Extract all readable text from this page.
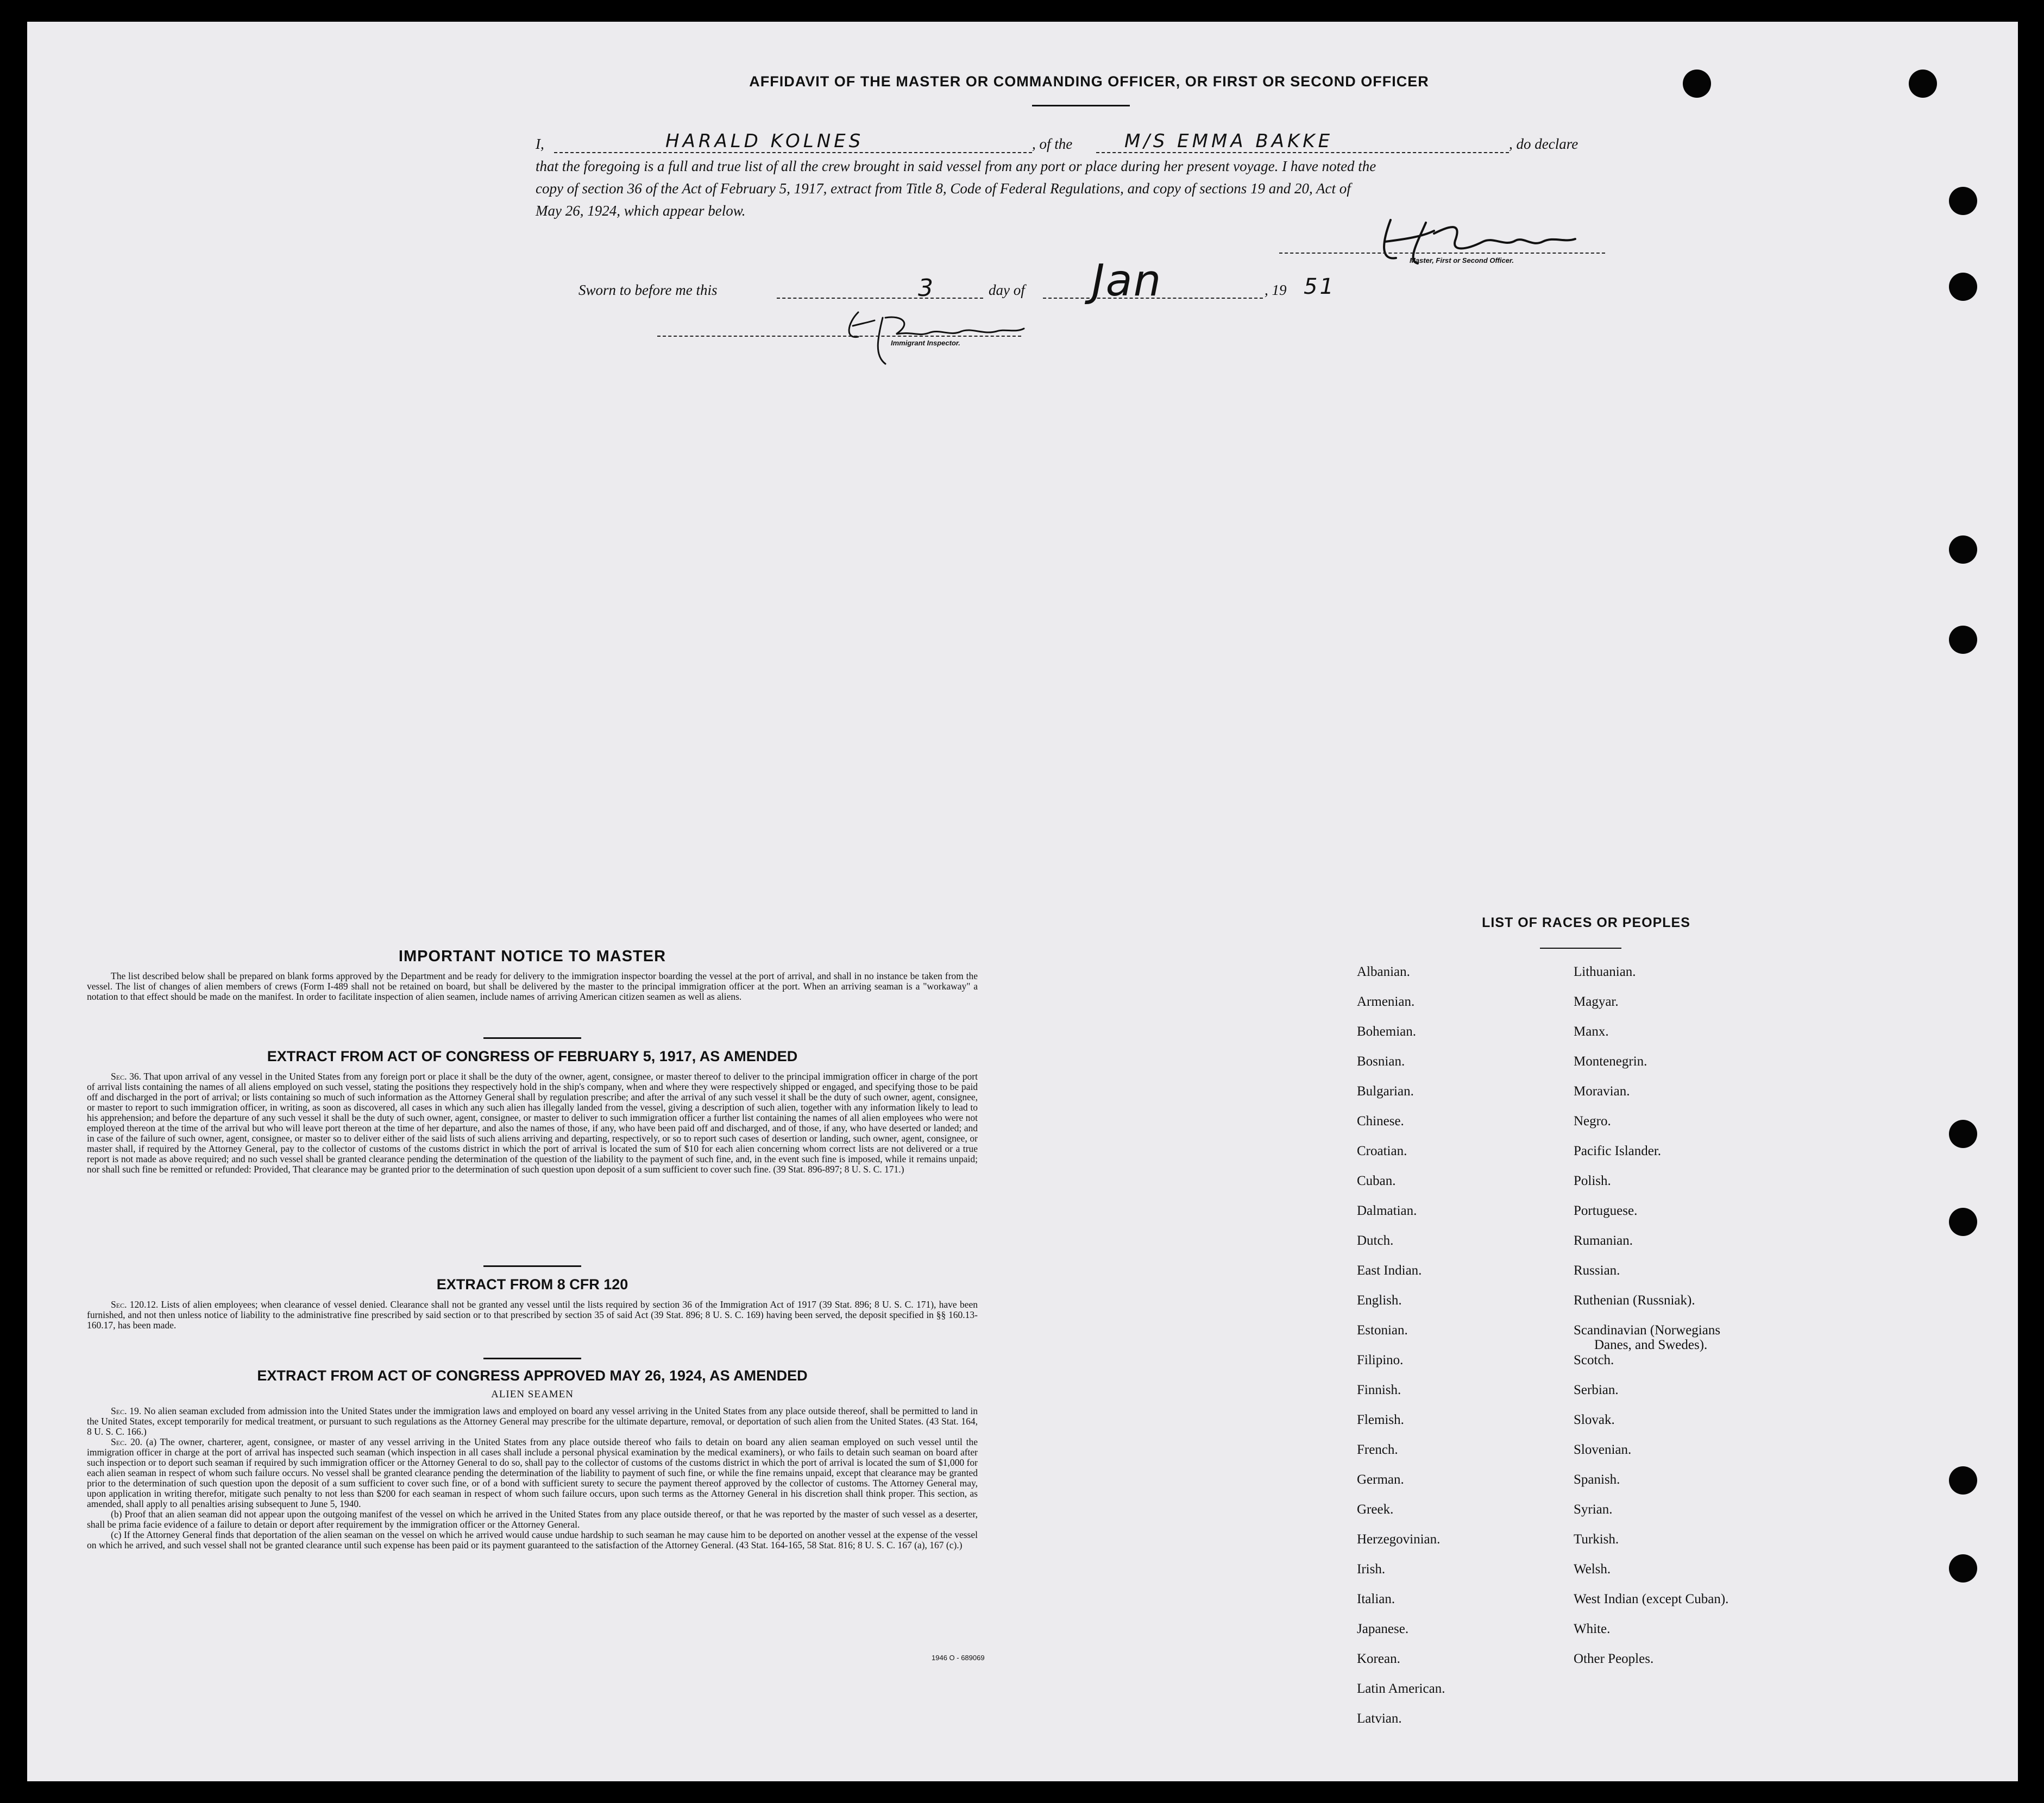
AFFIDAVIT OF THE MASTER OR COMMANDING OFFICER, OR FIRST OR SECOND OFFICER
I,	HARALD KOLNES	, of the	M/S EMMA BAKKE	, do declare
that the foregoing is a full and true list of all the crew brought in said vessel from any port or place during her present voyage. I have noted the
copy of section 36 of the Act of February 5, 1917, extract from Title 8, Code of Federal Regulations, and copy of sections 19 and 20, Act of
May 26, 1924, which appear below.
Master, First or Second Officer.
Sworn to before me this	3	day of Jan	, 19 51
Immigrant Inspector.

IMPORTANT NOTICE TO MASTER

The list described below shall be prepared on blank forms approved by the Department and be ready for delivery to the immigration inspector boarding the vessel at the port of arrival, and shall in no instance be taken from the vessel. The list of changes of alien members of crews (Form I-489 shall not be retained on board, but shall be delivered by the master to the principal immigration officer at the port. When an arriving seaman is a "workaway" a notation to that effect should be made on the manifest. In order to facilitate inspection of alien seamen, include names of arriving American citizen seamen as well as aliens.

EXTRACT FROM ACT OF CONGRESS OF FEBRUARY 5, 1917, AS AMENDED

Sec. 36. That upon arrival of any vessel in the United States from any foreign port or place it shall be the duty of the owner, agent, consignee, or master thereof to deliver to the principal immigration officer in charge of the port of arrival lists containing the names of all aliens employed on such vessel, stating the positions they respectively hold in the ship's company, when and where they were respectively shipped or engaged, and specifying those to be paid off and discharged in the port of arrival; or lists containing so much of such information as the Attorney General shall by regulation prescribe; and after the arrival of any such vessel it shall be the duty of such owner, agent, consignee, or master to report to such immigration officer, in writing, as soon as discovered, all cases in which any such alien has illegally landed from the vessel, giving a description of such alien, together with any information likely to lead to his apprehension; and before the departure of any such vessel it shall be the duty of such owner, agent, consignee, or master to deliver to such immigration officer a further list containing the names of all alien employees who were not employed thereon at the time of the arrival but who will leave port thereon at the time of her departure, and also the names of those, if any, who have been paid off and discharged, and of those, if any, who have deserted or landed; and in case of the failure of such owner, agent, consignee, or master so to deliver either of the said lists of such aliens arriving and departing, respectively, or so to report such cases of desertion or landing, such owner, agent, consignee, or master shall, if required by the Attorney General, pay to the collector of customs of the customs district in which the port of arrival is located the sum of $10 for each alien concerning whom correct lists are not delivered or a true report is not made as above required; and no such vessel shall be granted clearance pending the determination of the question of the liability to the payment of such fine, and, in the event such fine is imposed, while it remains unpaid; nor shall such fine be remitted or refunded: Provided, That clearance may be granted prior to the determination of such question upon deposit of a sum sufficient to cover such fine. (39 Stat. 896-897; 8 U. S. C. 171.)

EXTRACT FROM 8 CFR 120

Sec. 120.12. Lists of alien employees; when clearance of vessel denied. Clearance shall not be granted any vessel until the lists required by section 36 of the Immigration Act of 1917 (39 Stat. 896; 8 U. S. C. 171), have been furnished, and not then unless notice of liability to the administrative fine prescribed by said section or to that prescribed by section 35 of said Act (39 Stat. 896; 8 U. S. C. 169) having been served, the deposit specified in §§ 160.13-160.17, has been made.

EXTRACT FROM ACT OF CONGRESS APPROVED MAY 26, 1924, AS AMENDED

ALIEN SEAMEN

Sec. 19. No alien seaman excluded from admission into the United States under the immigration laws and employed on board any vessel arriving in the United States from any place outside thereof, shall be permitted to land in the United States, except temporarily for medical treatment, or pursuant to such regulations as the Attorney General may prescribe for the ultimate departure, removal, or deportation of such alien from the United States. (43 Stat. 164, 8 U. S. C. 166.)

Sec. 20. (a) The owner, charterer, agent, consignee, or master of any vessel arriving in the United States from any place outside thereof who fails to detain on board any alien seaman employed on such vessel until the immigration officer in charge at the port of arrival has inspected such seaman (which inspection in all cases shall include a personal physical examination by the medical examiners), or who fails to detain such seaman on board after such inspection or to deport such seaman if required by such immigration officer or the Attorney General to do so, shall pay to the collector of customs of the customs district in which the port of arrival is located the sum of $1,000 for each alien seaman in respect of whom such failure occurs. No vessel shall be granted clearance pending the determination of the liability to payment of such fine, or while the fine remains unpaid, except that clearance may be granted prior to the determination of such question upon the deposit of a sum sufficient to cover such fine, or of a bond with sufficient surety to secure the payment thereof approved by the collector of customs. The Attorney General may, upon application in writing therefor, mitigate such penalty to not less than $200 for each seaman in respect of whom such failure occurs, upon such terms as the Attorney General in his discretion shall think proper. This section, as amended, shall apply to all penalties arising subsequent to June 5, 1940.

(b) Proof that an alien seaman did not appear upon the outgoing manifest of the vessel on which he arrived in the United States from any place outside thereof, or that he was reported by the master of such vessel as a deserter, shall be prima facie evidence of a failure to detain or deport after requirement by the immigration officer or the Attorney General.

(c) If the Attorney General finds that deportation of the alien seaman on the vessel on which he arrived would cause undue hardship to such seaman he may cause him to be deported on another vessel at the expense of the vessel on which he arrived, and such vessel shall not be granted clearance until such expense has been paid or its payment guaranteed to the satisfaction of the Attorney General. (43 Stat. 164-165, 58 Stat. 816; 8 U. S. C. 167 (a), 167 (c).)

1946 O - 689069
LIST OF RACES OR PEOPLES
Albanian.
Armenian.
Bohemian.
Bosnian.
Bulgarian.
Chinese.
Croatian.
Cuban.
Dalmatian.
Dutch.
East Indian.
English.
Estonian.
Filipino.
Finnish.
Flemish.
French.
German.
Greek.
Herzegovinian.
Irish.
Italian.
Japanese.
Korean.
Latin American.
Latvian.
Lithuanian.
Magyar.
Manx.
Montenegrin.
Moravian.
Negro.
Pacific Islander.
Polish.
Portuguese.
Rumanian.
Russian.
Ruthenian (Russniak).
Scandinavian (Norwegians
Danes, and Swedes).
Scotch.
Serbian.
Slovak.
Slovenian.
Spanish.
Syrian.
Turkish.
Welsh.
West Indian (except Cuban).
White.
Other Peoples.
